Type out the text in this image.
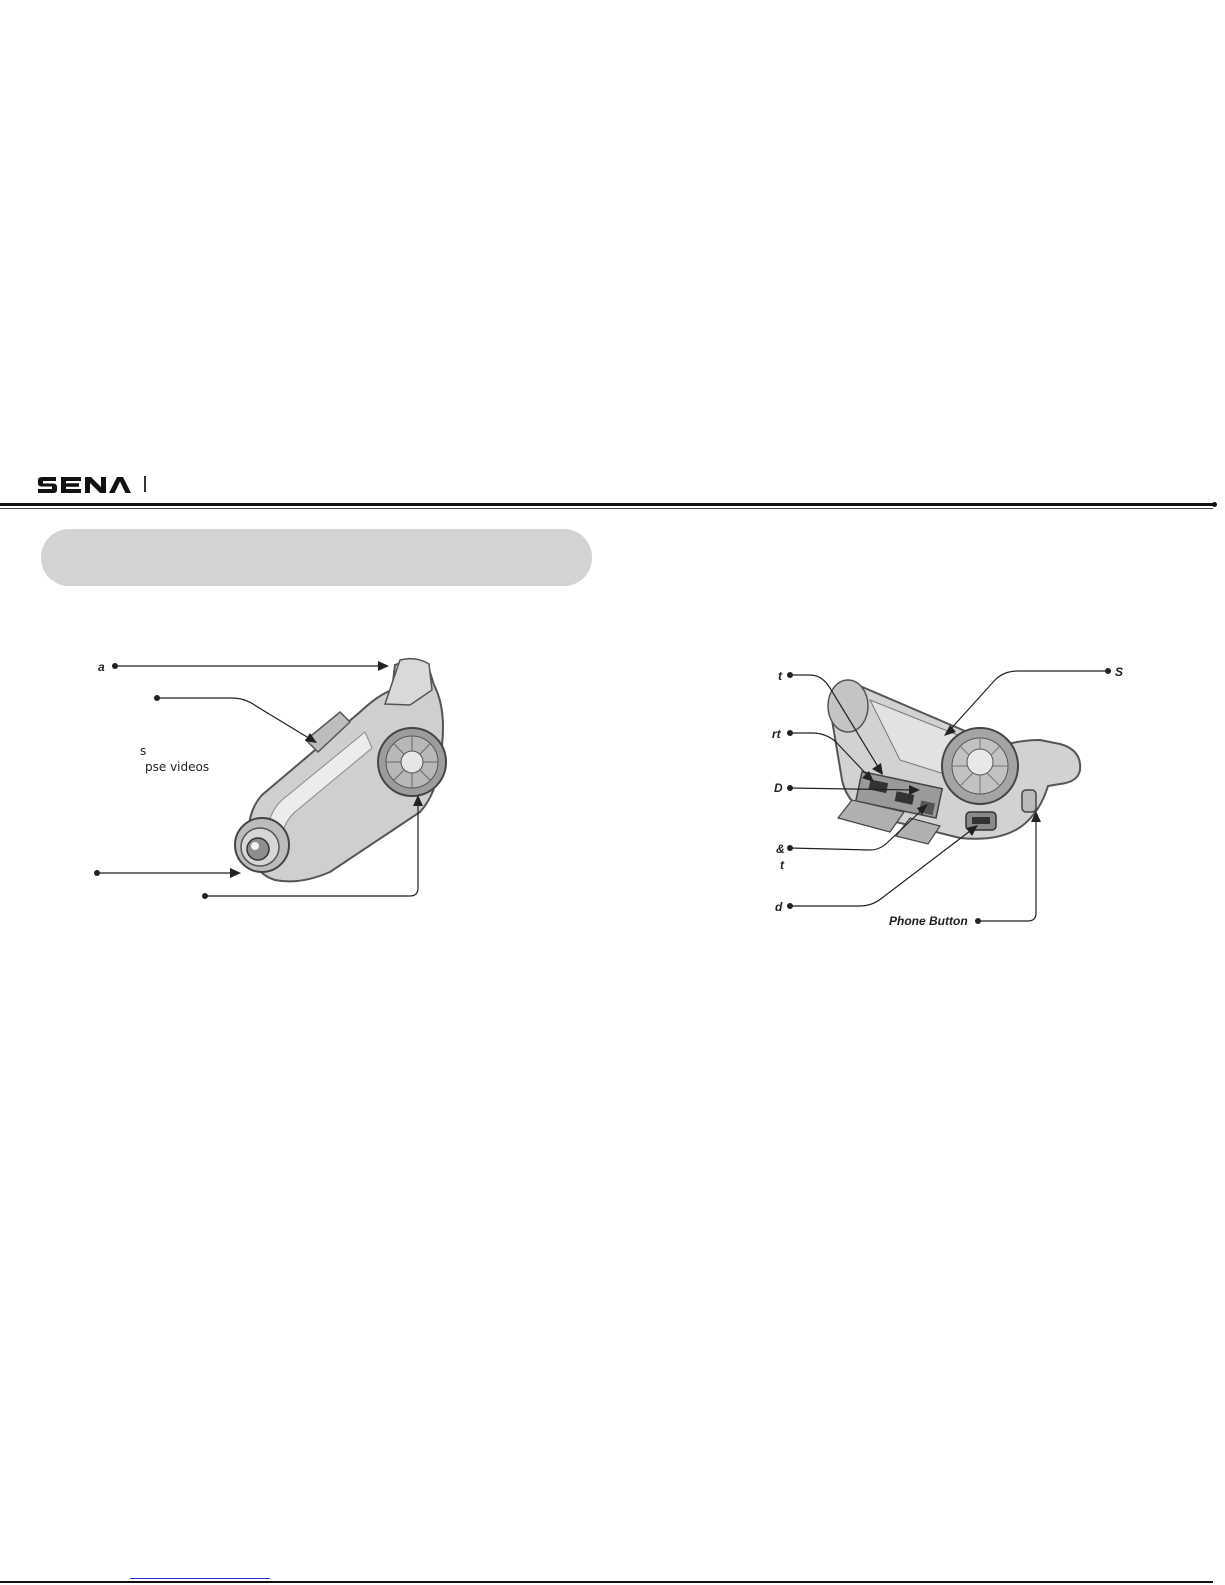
a
s
pse videos
t	S
rt
D
&
t
d
Phone Button
